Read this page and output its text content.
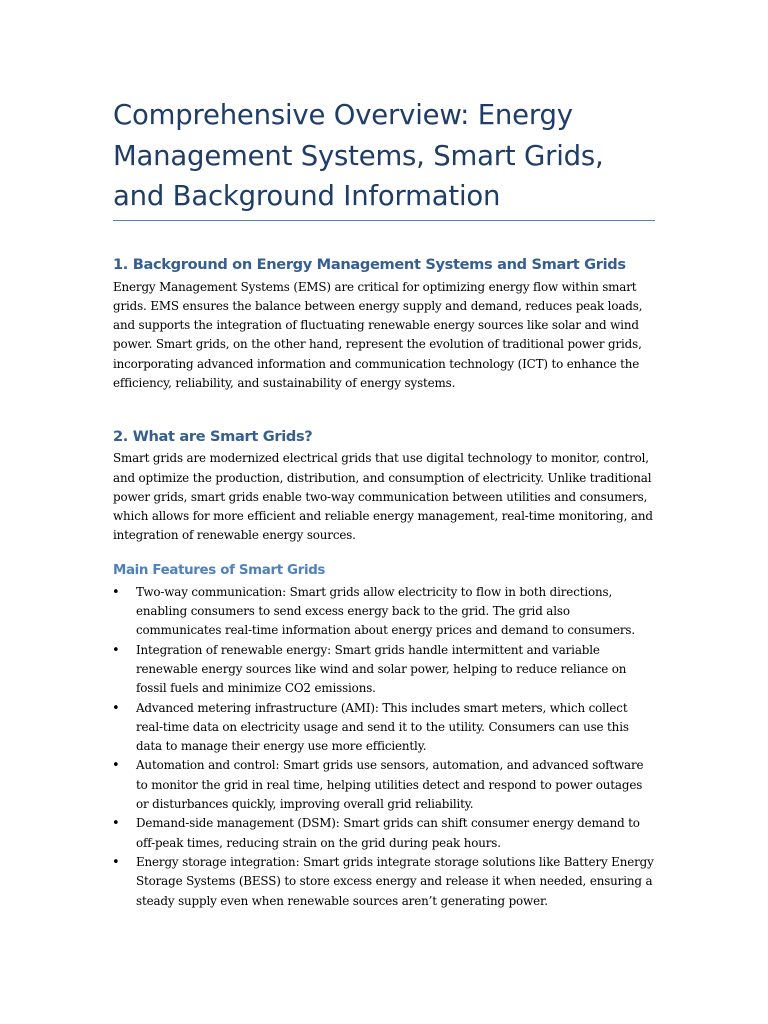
Comprehensive Overview: Energy Management Systems, Smart Grids, and Background Information
1. Background on Energy Management Systems and Smart Grids

Energy Management Systems (EMS) are critical for optimizing energy flow within smart grids. EMS ensures the balance between energy supply and demand, reduces peak loads, and supports the integration of fluctuating renewable energy sources like solar and wind power. Smart grids, on the other hand, represent the evolution of traditional power grids, incorporating advanced information and communication technology (ICT) to enhance the efficiency, reliability, and sustainability of energy systems.

2. What are Smart Grids?

Smart grids are modernized electrical grids that use digital technology to monitor, control, and optimize the production, distribution, and consumption of electricity. Unlike traditional power grids, smart grids enable two-way communication between utilities and consumers, which allows for more efficient and reliable energy management, real-time monitoring, and integration of renewable energy sources.

Main Features of Smart Grids
• Two-way communication: Smart grids allow electricity to flow in both directions, enabling consumers to send excess energy back to the grid. The grid also communicates real-time information about energy prices and demand to consumers.
• Integration of renewable energy: Smart grids handle intermittent and variable renewable energy sources like wind and solar power, helping to reduce reliance on fossil fuels and minimize CO2 emissions.
• Advanced metering infrastructure (AMI): This includes smart meters, which collect real-time data on electricity usage and send it to the utility. Consumers can use this data to manage their energy use more efficiently.
• Automation and control: Smart grids use sensors, automation, and advanced software to monitor the grid in real time, helping utilities detect and respond to power outages or disturbances quickly, improving overall grid reliability.
• Demand-side management (DSM): Smart grids can shift consumer energy demand to off-peak times, reducing strain on the grid during peak hours.
• Energy storage integration: Smart grids integrate storage solutions like Battery Energy Storage Systems (BESS) to store excess energy and release it when needed, ensuring a steady supply even when renewable sources aren’t generating power.
